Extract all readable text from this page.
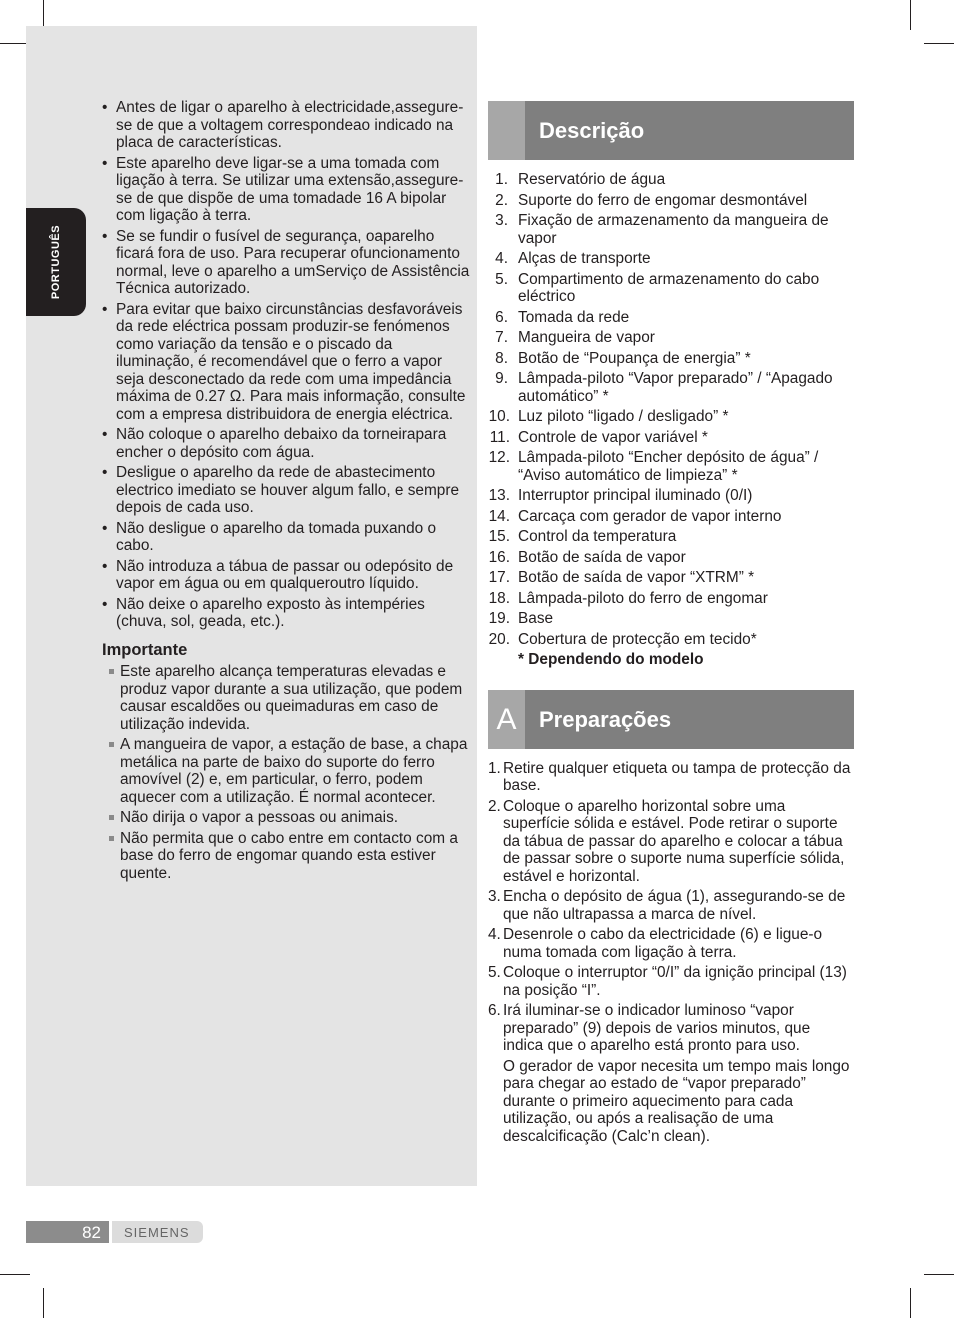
PORTUGUÊS
• Antes de ligar o aparelho à electricidade,assegure-se de que a voltagem correspondeao indicado na placa de características.
• Este aparelho deve ligar-se a uma tomada com ligação à terra. Se utilizar uma extensão,assegure-se de que dispõe de uma tomadade 16 A bipolar com ligação à terra.
• Se se fundir o fusível de segurança, oaparelho ficará fora de uso. Para recuperar ofuncionamento normal, leve o aparelho a umServiço de Assistência Técnica autorizado.
• Para evitar que baixo circunstâncias desfavoráveis da rede eléctrica possam produzir-se fenómenos como variação da tensão e o piscado da iluminação, é recomendável que o ferro a vapor seja desconectado da rede com uma impedância máxima de 0.27 Ω. Para mais informação, consulte com a empresa distribuidora de energia eléctrica.
• Não coloque o aparelho debaixo da torneirapara encher o depósito com água.
• Desligue o aparelho da rede de abastecimento electrico imediato se houver algum fallo, e sempre depois de cada uso.
• Não desligue o aparelho da tomada puxando o cabo.
• Não introduza a tábua de passar ou odepósito de vapor em água ou em qualqueroutro líquido.
• Não deixe o aparelho exposto às intempéries (chuva, sol, geada, etc.).
Importante
Este aparelho alcança temperaturas elevadas e produz vapor durante a sua utilização, que podem causar escaldões ou queimaduras em caso de utilização indevida.
A mangueira de vapor, a estação de base, a chapa metálica na parte de baixo do suporte do ferro amovível (2) e, em particular, o ferro, podem aquecer com a utilização. É normal acontecer.
Não dirija o vapor a pessoas ou animais.
Não permita que o cabo entre em contacto com a base do ferro de engomar quando esta estiver quente.
Descrição
1. Reservatório de água
2. Suporte do ferro de engomar desmontável
3. Fixação de armazenamento da mangueira de vapor
4. Alças de transporte
5. Compartimento de armazenamento do cabo eléctrico
6. Tomada da rede
7. Mangueira de vapor
8. Botão de “Poupança de energia” *
9. Lâmpada-piloto “Vapor preparado” / “Apagado automático” *
10. Luz piloto “ligado / desligado” *
11. Controle de vapor variável *
12. Lâmpada-piloto “Encher depósito de água” / “Aviso automático de limpieza” *
13. Interruptor principal iluminado (0/I)
14. Carcaça com gerador de vapor interno
15. Control da temperatura
16. Botão de saída de vapor
17. Botão de saída de vapor “XTRM” *
18. Lâmpada-piloto do ferro de engomar
19. Base
20. Cobertura de protecção em tecido*
* Dependendo do modelo
A	Preparações
1. Retire qualquer etiqueta ou tampa de protecção da base.
2. Coloque o aparelho horizontal sobre uma superfície sólida e estável. Pode retirar o suporte da tábua de passar do aparelho e colocar a tábua de passar sobre o suporte numa superfície sólida, estável e horizontal.
3. Encha o depósito de água (1), assegurando-se de que não ultrapassa a marca de nível.
4. Desenrole o cabo da electricidade (6) e ligue-o numa tomada com ligação à terra.
5. Coloque o interruptor “0/I” da ignição principal (13) na posição “I”.
6. Irá iluminar-se o indicador luminoso “vapor preparado” (9) depois de varios minutos, que indica que o aparelho está pronto para uso.
O gerador de vapor necesita um tempo mais longo para chegar ao estado de “vapor preparado” durante o primeiro aquecimento para cada utilização, ou após a realisação de uma descalcificação (Calc’n clean).
82 SIEMENS
